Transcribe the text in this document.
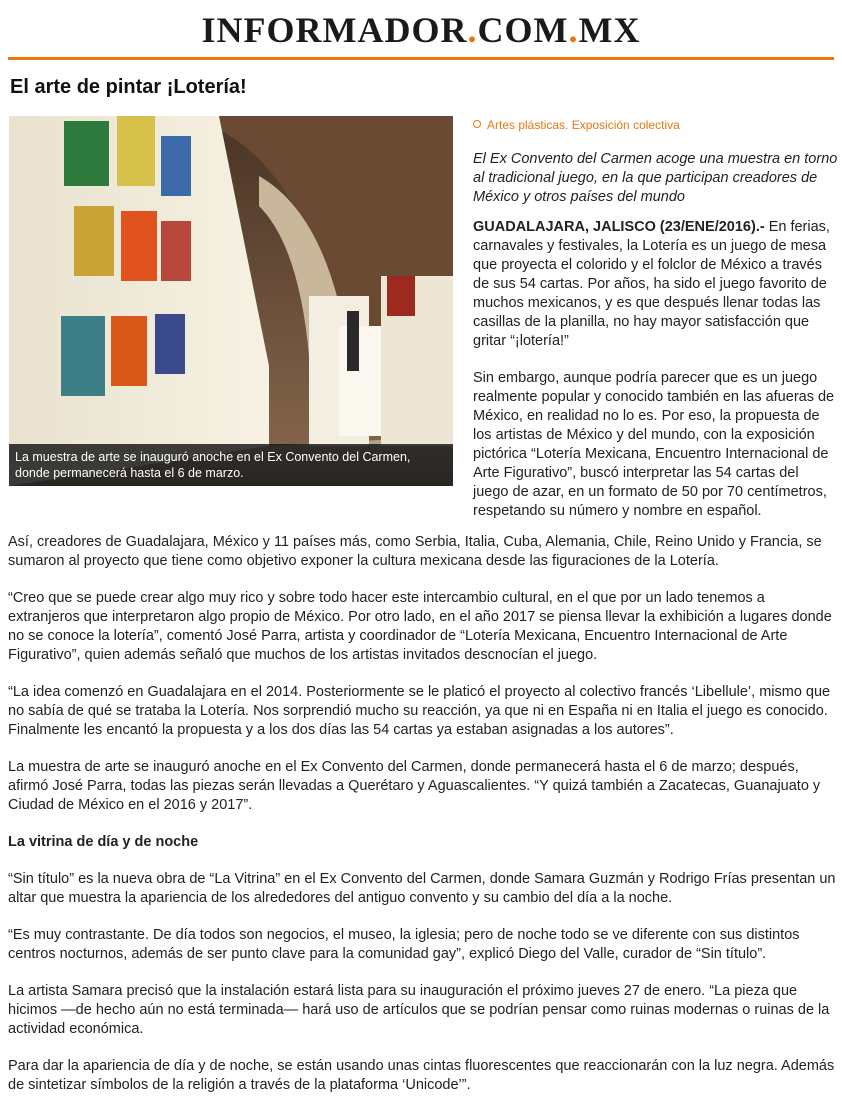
INFORMADOR.COM.MX
El arte de pintar ¡Lotería!
La muestra de arte se inauguró anoche en el Ex Convento del Carmen, donde permanecerá hasta el 6 de marzo.
Artes plásticas. Exposición colectiva
El Ex Convento del Carmen acoge una muestra en torno al tradicional juego, en la que participan creadores de México y otros países del mundo

GUADALAJARA, JALISCO (23/ENE/2016).- En ferias, carnavales y festivales, la Lotería es un juego de mesa que proyecta el colorido y el folclor de México a través de sus 54 cartas. Por años, ha sido el juego favorito de muchos mexicanos, y es que después llenar todas las casillas de la planilla, no hay mayor satisfacción que gritar “¡lotería!”

Sin embargo, aunque podría parecer que es un juego realmente popular y conocido también en las afueras de México, en realidad no lo es. Por eso, la propuesta de los artistas de México y del mundo, con la exposición pictórica “Lotería Mexicana, Encuentro Internacional de Arte Figurativo”, buscó interpretar las 54 cartas del juego de azar, en un formato de 50 por 70 centímetros, respetando su número y nombre en español.

Así, creadores de Guadalajara, México y 11 países más, como Serbia, Italia, Cuba, Alemania, Chile, Reino Unido y Francia, se sumaron al proyecto que tiene como objetivo exponer la cultura mexicana desde las figuraciones de la Lotería.

“Creo que se puede crear algo muy rico y sobre todo hacer este intercambio cultural, en el que por un lado tenemos a extranjeros que interpretaron algo propio de México. Por otro lado, en el año 2017 se piensa llevar la exhibición a lugares donde no se conoce la lotería”, comentó José Parra, artista y coordinador de “Lotería Mexicana, Encuentro Internacional de Arte Figurativo”, quien además señaló que muchos de los artistas invitados descnocían el juego.

“La idea comenzó en Guadalajara en el 2014. Posteriormente se le platicó el proyecto al colectivo francés ‘Libellule’, mismo que no sabía de qué se trataba la Lotería. Nos sorprendió mucho su reacción, ya que ni en España ni en Italia el juego es conocido. Finalmente les encantó la propuesta y a los dos días las 54 cartas ya estaban asignadas a los autores”.

La muestra de arte se inauguró anoche en el Ex Convento del Carmen, donde permanecerá hasta el 6 de marzo; después, afirmó José Parra, todas las piezas serán llevadas a Querétaro y Aguascalientes. “Y quizá también a Zacatecas, Guanajuato y Ciudad de México en el 2016 y 2017”.

La vitrina de día y de noche

“Sin título” es la nueva obra de “La Vitrina” en el Ex Convento del Carmen, donde Samara Guzmán y Rodrigo Frías presentan un altar que muestra la apariencia de los alrededores del antiguo convento y su cambio del día a la noche.

“Es muy contrastante. De día todos son negocios, el museo, la iglesia; pero de noche todo se ve diferente con sus distintos centros nocturnos, además de ser punto clave para la comunidad gay”, explicó Diego del Valle, curador de “Sin título”.

La artista Samara precisó que la instalación estará lista para su inauguración el próximo jueves 27 de enero. “La pieza que hicimos —de hecho aún no está terminada— hará uso de artículos que se podrían pensar como ruinas modernas o ruinas de la actividad económica.

Para dar la apariencia de día y de noche, se están usando unas cintas fluorescentes que reaccionarán con la luz negra. Además de sintetizar símbolos de la religión a través de la plataforma ‘Unicode’”.
